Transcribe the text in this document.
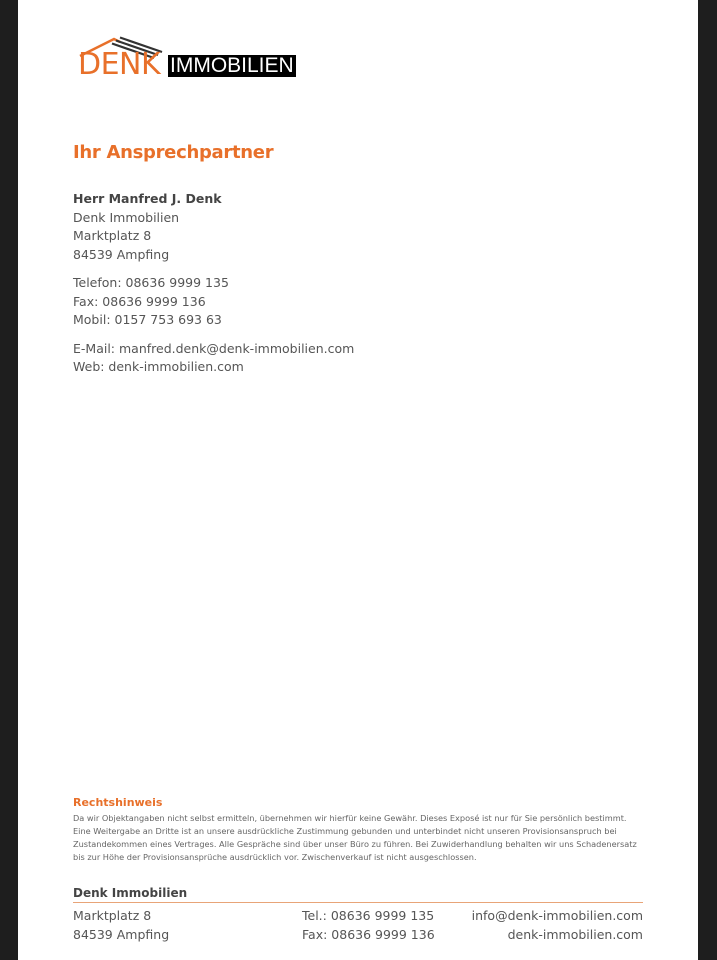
DENK IMMOBILIEN
Ihr Ansprechpartner
Herr Manfred J. Denk
Denk Immobilien
Marktplatz 8
84539 Ampfing
Telefon: 08636 9999 135
Fax: 08636 9999 136
Mobil: 0157 753 693 63
E-Mail: manfred.denk@denk-immobilien.com
Web: denk-immobilien.com
Rechtshinweis

Da wir Objektangaben nicht selbst ermitteln, übernehmen wir hierfür keine Gewähr. Dieses Exposé ist nur für Sie persönlich bestimmt.

Eine Weitergabe an Dritte ist an unsere ausdrückliche Zustimmung gebunden und unterbindet nicht unseren Provisionsanspruch bei Zustandekommen eines Vertrages. Alle Gespräche sind über unser Büro zu führen. Bei Zuwiderhandlung behalten wir uns Schadenersatz bis zur Höhe der Provisionsansprüche ausdrücklich vor. Zwischenverkauf ist nicht ausgeschlossen.

Denk Immobilien
Marktplatz 8
84539 Ampfing
Tel.: 08636 9999 135
Fax: 08636 9999 136
info@denk-immobilien.com
denk-immobilien.com
